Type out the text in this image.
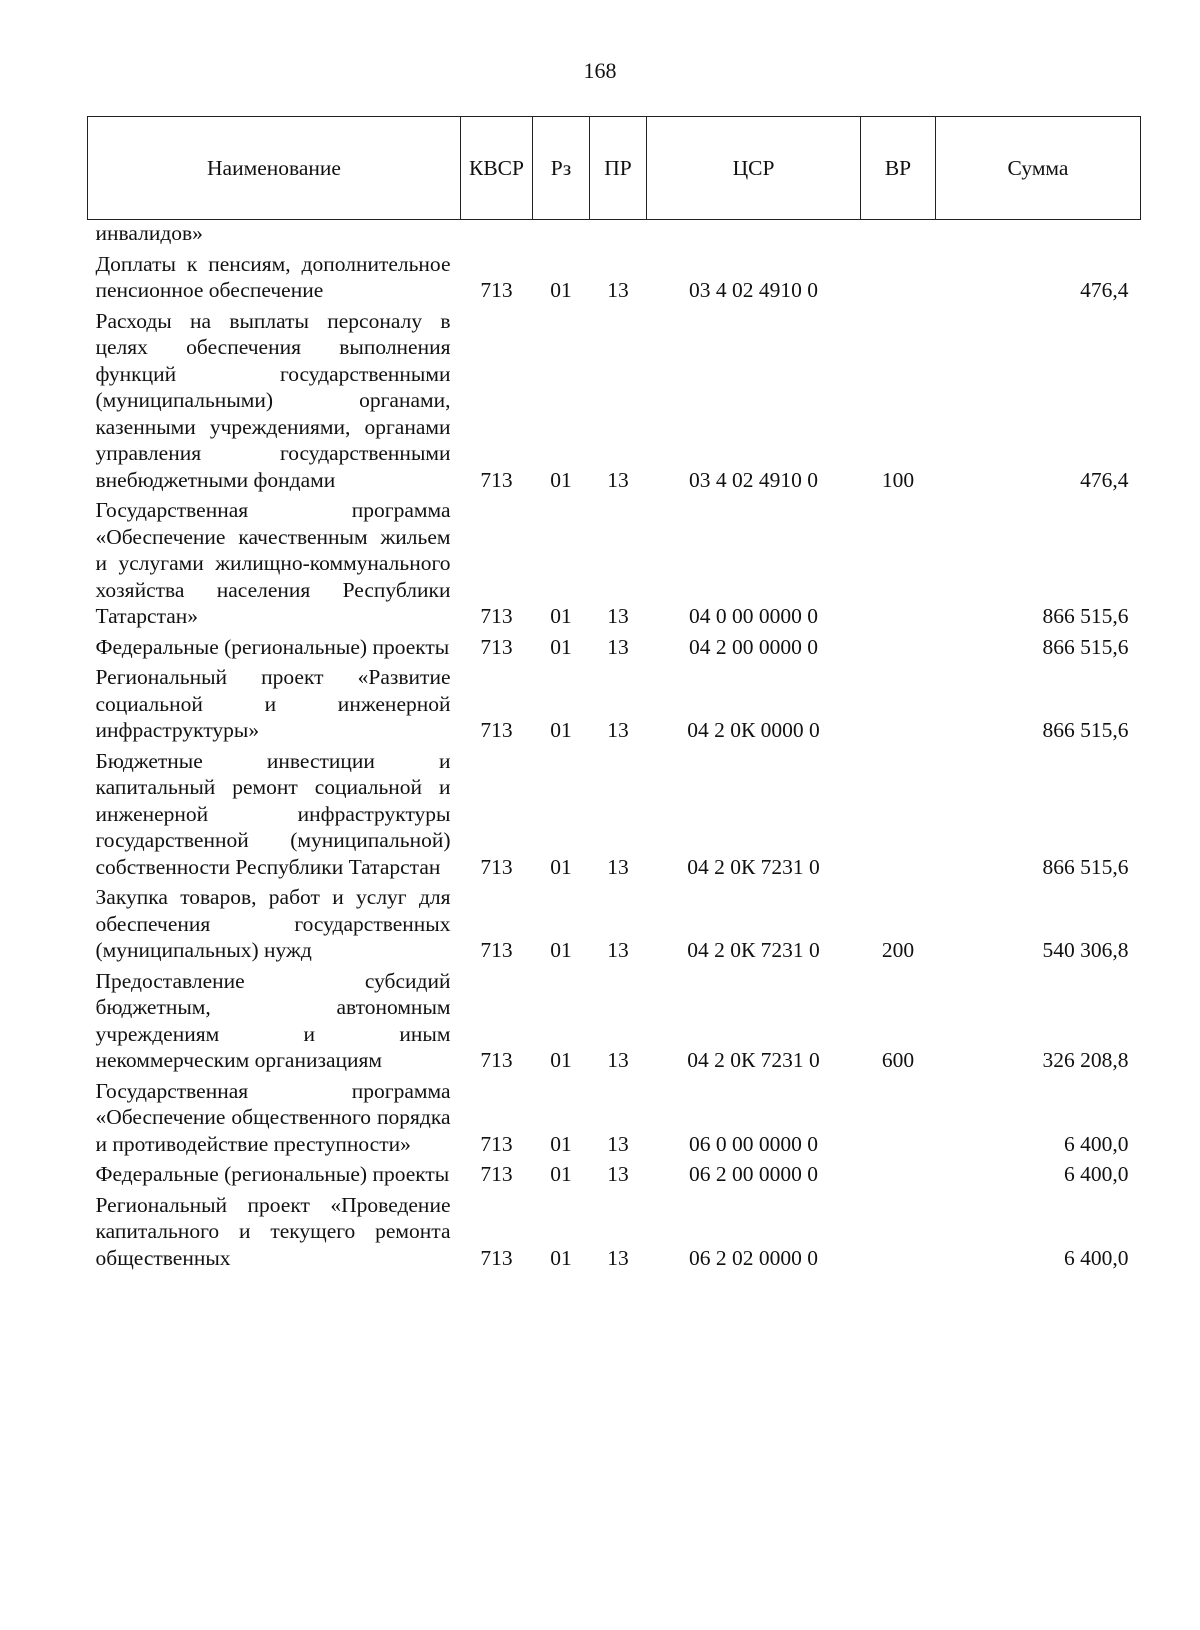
168
Наименование	КВСР	Рз	ПР	ЦСР	ВР	Сумма
инвалидов»						
Доплаты к пенсиям, дополнительное пенсионное обеспечение	713	01	13	03 4 02 4910 0		476,4
Расходы на выплаты персоналу в целях обеспечения выполнения функций государственными (муниципальными) органами, казенными учреждениями, органами управления государственными внебюджетными фондами	713	01	13	03 4 02 4910 0	100	476,4
Государственная программа «Обеспечение качественным жильем и услугами жилищно-коммунального хозяйства населения Республики Татарстан»	713	01	13	04 0 00 0000 0		866 515,6
Федеральные (региональные) проекты	713	01	13	04 2 00 0000 0		866 515,6
Региональный проект «Развитие социальной и инженерной инфраструктуры»	713	01	13	04 2 0К 0000 0		866 515,6
Бюджетные инвестиции и капитальный ремонт социальной и инженерной инфраструктуры государственной (муниципальной) собственности Республики Татарстан	713	01	13	04 2 0К 7231 0		866 515,6
Закупка товаров, работ и услуг для обеспечения государственных (муниципальных) нужд	713	01	13	04 2 0К 7231 0	200	540 306,8
Предоставление субсидий бюджетным, автономным учреждениям и иным некоммерческим организациям	713	01	13	04 2 0К 7231 0	600	326 208,8
Государственная программа «Обеспечение общественного порядка и противодействие преступности»	713	01	13	06 0 00 0000 0		6 400,0
Федеральные (региональные) проекты	713	01	13	06 2 00 0000 0		6 400,0
Региональный проект «Проведение капитального и текущего ремонта общественных	713	01	13	06 2 02 0000 0		6 400,0
